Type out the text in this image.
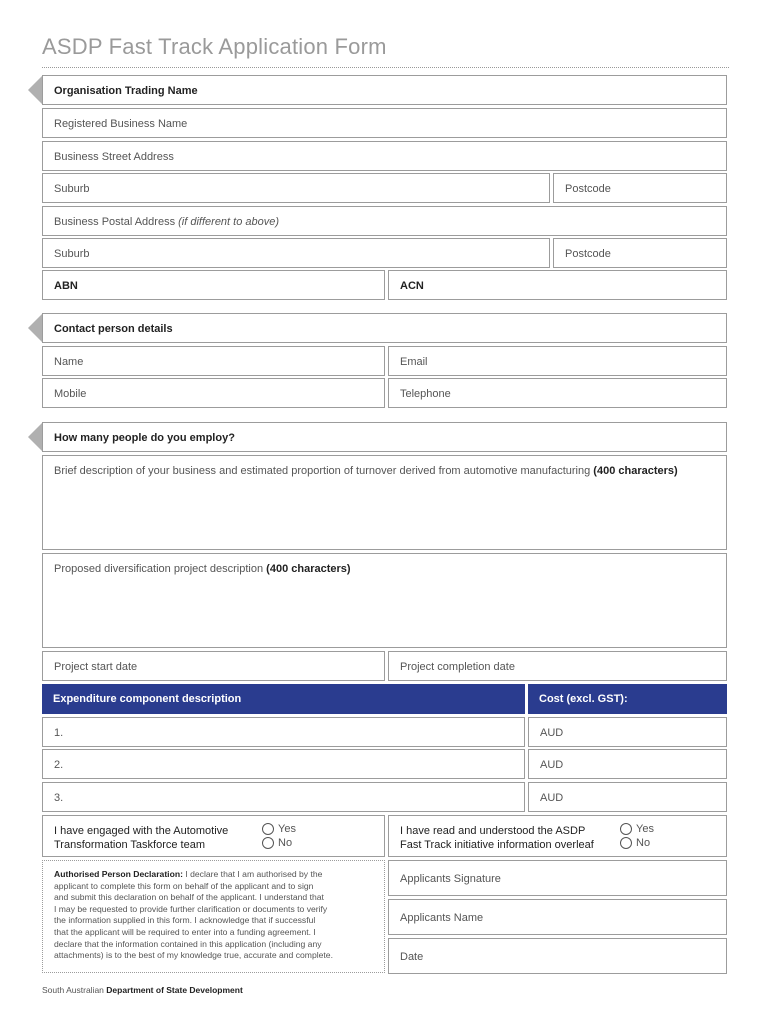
ASDP Fast Track Application Form
Organisation Trading Name
Registered Business Name
Business Street Address
Suburb	Postcode
Business Postal Address (if different to above)
Suburb	Postcode
ABN	ACN
Contact person details
Name	Email
Mobile	Telephone
How many people do you employ?
Brief description of your business and estimated proportion of turnover derived from automotive manufacturing (400 characters)
Proposed diversification project description (400 characters)
Project start date	Project completion date
Expenditure component description	Cost (excl. GST):
1.	AUD
2.	AUD
3.	AUD
I have engaged with the Automotive
Transformation Taskforce team
Yes
No
I have read and understood the ASDP
Fast Track initiative information overleaf
Yes
No
Authorised Person Declaration: I declare that I am authorised by the
applicant to complete this form on behalf of the applicant and to sign
and submit this declaration on behalf of the applicant. I understand that
I may be requested to provide further clarification or documents to verify
the information supplied in this form. I acknowledge that if successful
that the applicant will be required to enter into a funding agreement. I
declare that the information contained in this application (including any
attachments) is to the best of my knowledge true, accurate and complete.
Applicants Signature
Applicants Name
Date
South Australian Department of State Development
